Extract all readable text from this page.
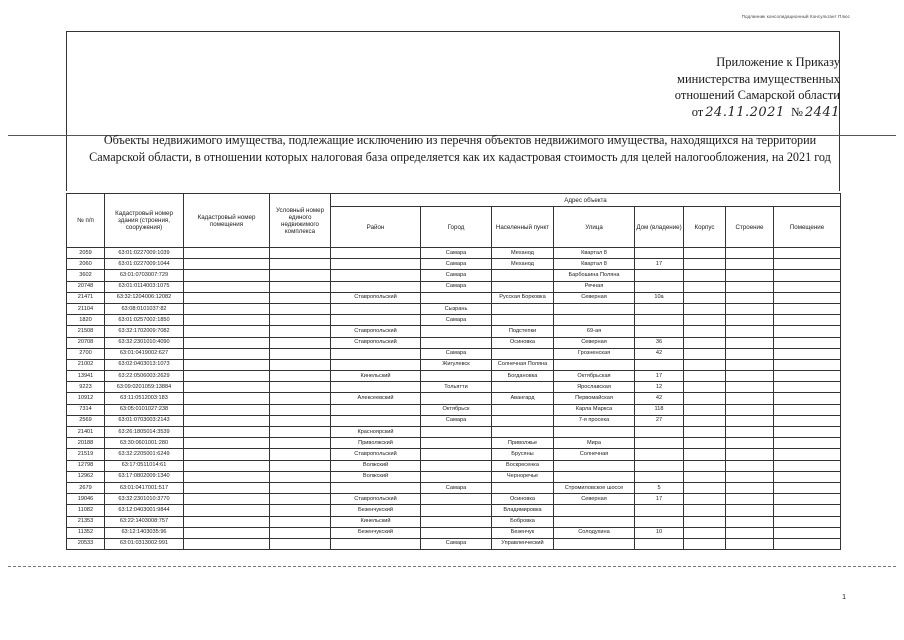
Подлинник консолидационный Консультант Плюс
Приложение к Приказу
министерства имущественных
отношений Самарской области
от 24.11.2021 № 2441
Объекты недвижимого имущества, подлежащие исключению из перечня объектов недвижимого имущества, находящихся на территории Самарской области, в отношении которых налоговая база определяется как их кадастровая стоимость для целей налогообложения, на 2021 год
№ п/п	Кадастровый номер здания (строения, сооружения)	Кадастровый номер помещения	Условный номер единого недвижимого комплекса	Адрес объекта							
				Район	Город	Населенный пункт	Улица	Дом (владение)	Корпус	Строение	Помещение
2059	63:01:0227009:1039				Самара	Механод	Квартал 8				
2060	63:01:0227009:1044				Самара	Механод	Квартал 8	17			
3602	63:01:0703007:729				Самара		Барбошина Поляна				
20748	63:01:0114003:1075				Самара		Речная				
21471	63:32:1204006:12082			Ставропольский		Русская Борковка	Северная	10а			
21104	63:08:0101037:82				Сызрань						
1820	63:01:0257002:1850				Самара						
21508	63:32:1702009:7082			Ставропольский		Подстепки	69-ая				
20708	63:32:2301010:4090			Ставропольский		Осиновка	Северная	36			
2700	63:01:0419002:627				Самара		Грозненская	42			
21002	63:02:0403013:1073				Жигулевск	Солнечная Поляна					
13941	63:22:0506003:2629			Кинельский		Богдановка	Октябрьская	17			
9223	63:09:0201059:13884				Тольятти		Ярославская	12			
10912	63:11:0512003:183			Алексеевский		Авангард	Первомайская	42			
7314	63:05:0101027:238				Октябрьск		Карла Маркса	118			
2569	63:01:0703003:2143				Самара		7-я просека	27			
21401	63:26:1805014:3539			Красноярский							
20188	63:30:0601001:280			Приволжский		Приволжье	Мира				
21519	63:32:2205001:6249			Ставропольский		Брусяны	Солнечная				
12798	63:17:0511014:61			Волжский		Воскресенка					
12962	63:17:0802009:1340			Волжский		Черноречье					
2679	63:01:0417001:517				Самара		Стромиловское шоссе	5			
19046	63:32:2301010:3770			Ставропольский		Осиновка	Северная	17			
11082	63:12:0403001:9844			Безенчукский		Владимировка					
21353	63:22:1403008:757			Кинельский		Бобровка					
11352	63:12:1403035:96			Безенчукский		Безенчук	Солодухина	10			
20533	63:01:0313002:991				Самара	Управленческий					
1
